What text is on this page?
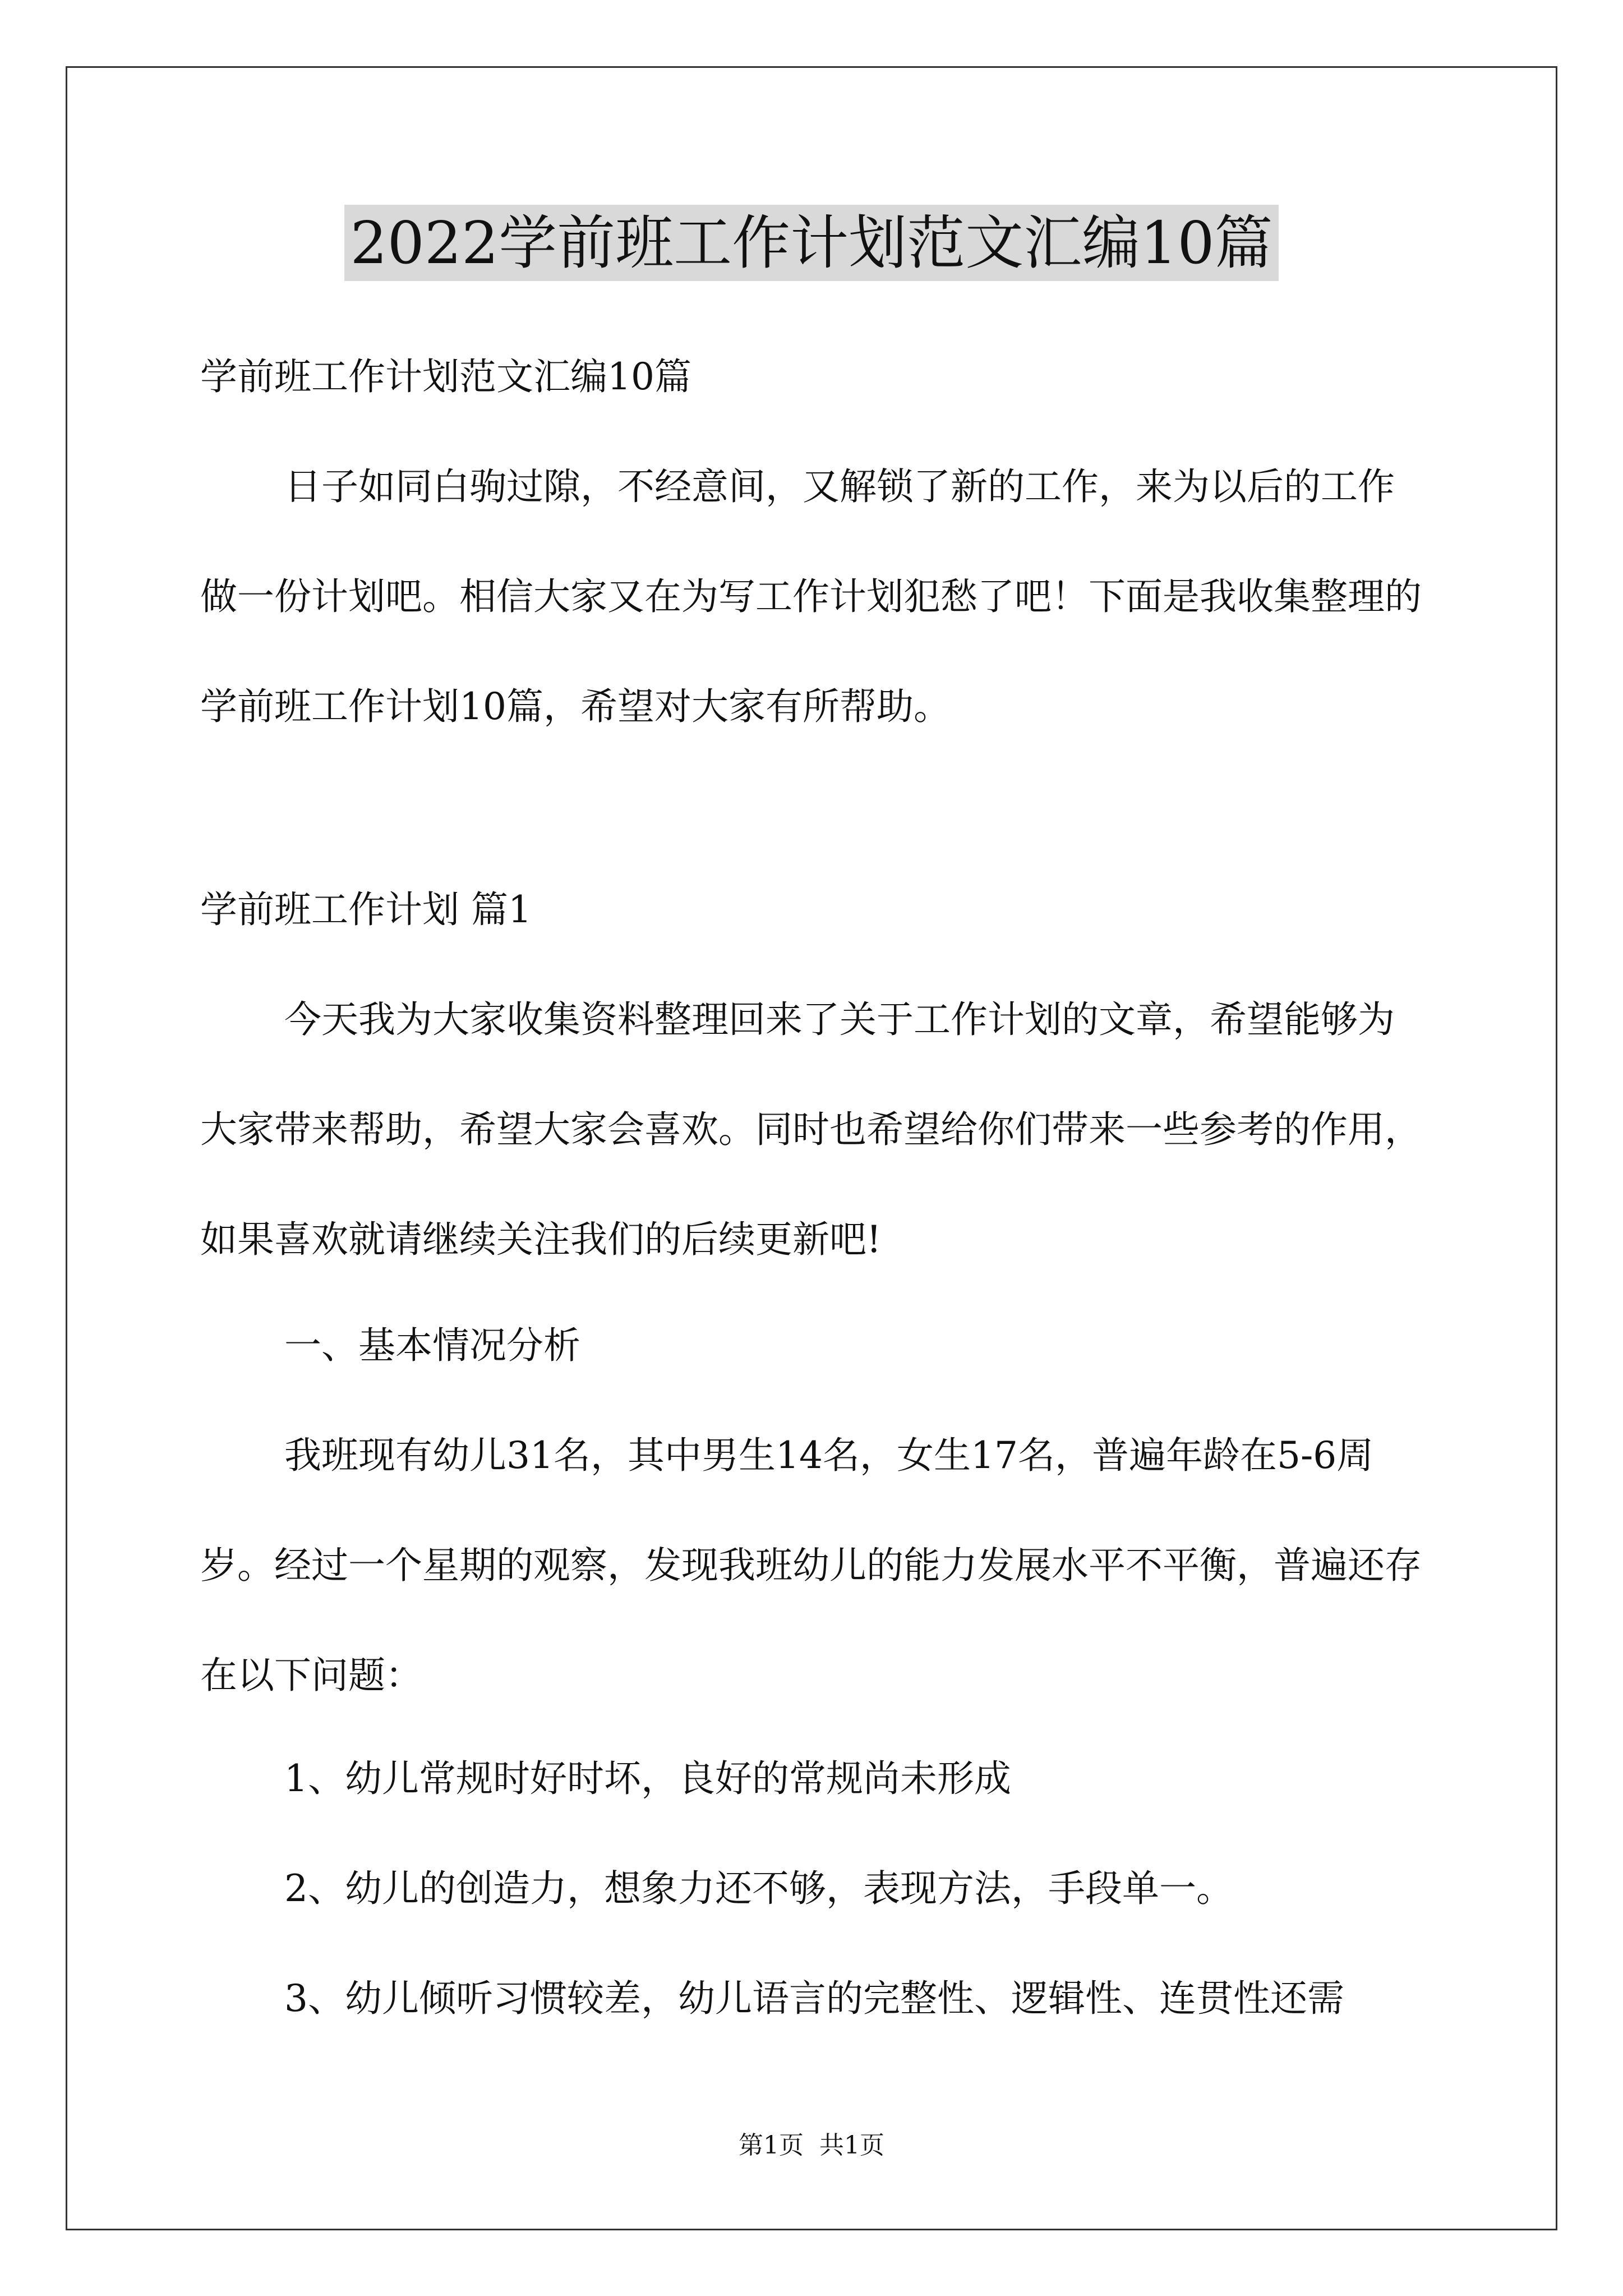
2022学前班工作计划范文汇编10篇

学前班工作计划范文汇编10篇

日子如同白驹过隙，不经意间，又解锁了新的工作，来为以后的工作做一份计划吧。相信大家又在为写工作计划犯愁了吧！下面是我收集整理的学前班工作计划10篇，希望对大家有所帮助。

学前班工作计划 篇1

今天我为大家收集资料整理回来了关于工作计划的文章，希望能够为大家带来帮助，希望大家会喜欢。同时也希望给你们带来一些参考的作用，如果喜欢就请继续关注我们的后续更新吧!

一、基本情况分析

我班现有幼儿31名，其中男生14名，女生17名，普遍年龄在5-6周岁。经过一个星期的观察，发现我班幼儿的能力发展水平不平衡，普遍还存在以下问题：

1、幼儿常规时好时坏，良好的常规尚未形成

2、幼儿的创造力，想象力还不够，表现方法，手段单一。

3、幼儿倾听习惯较差，幼儿语言的完整性、逻辑性、连贯性还需

第1页 共1页
